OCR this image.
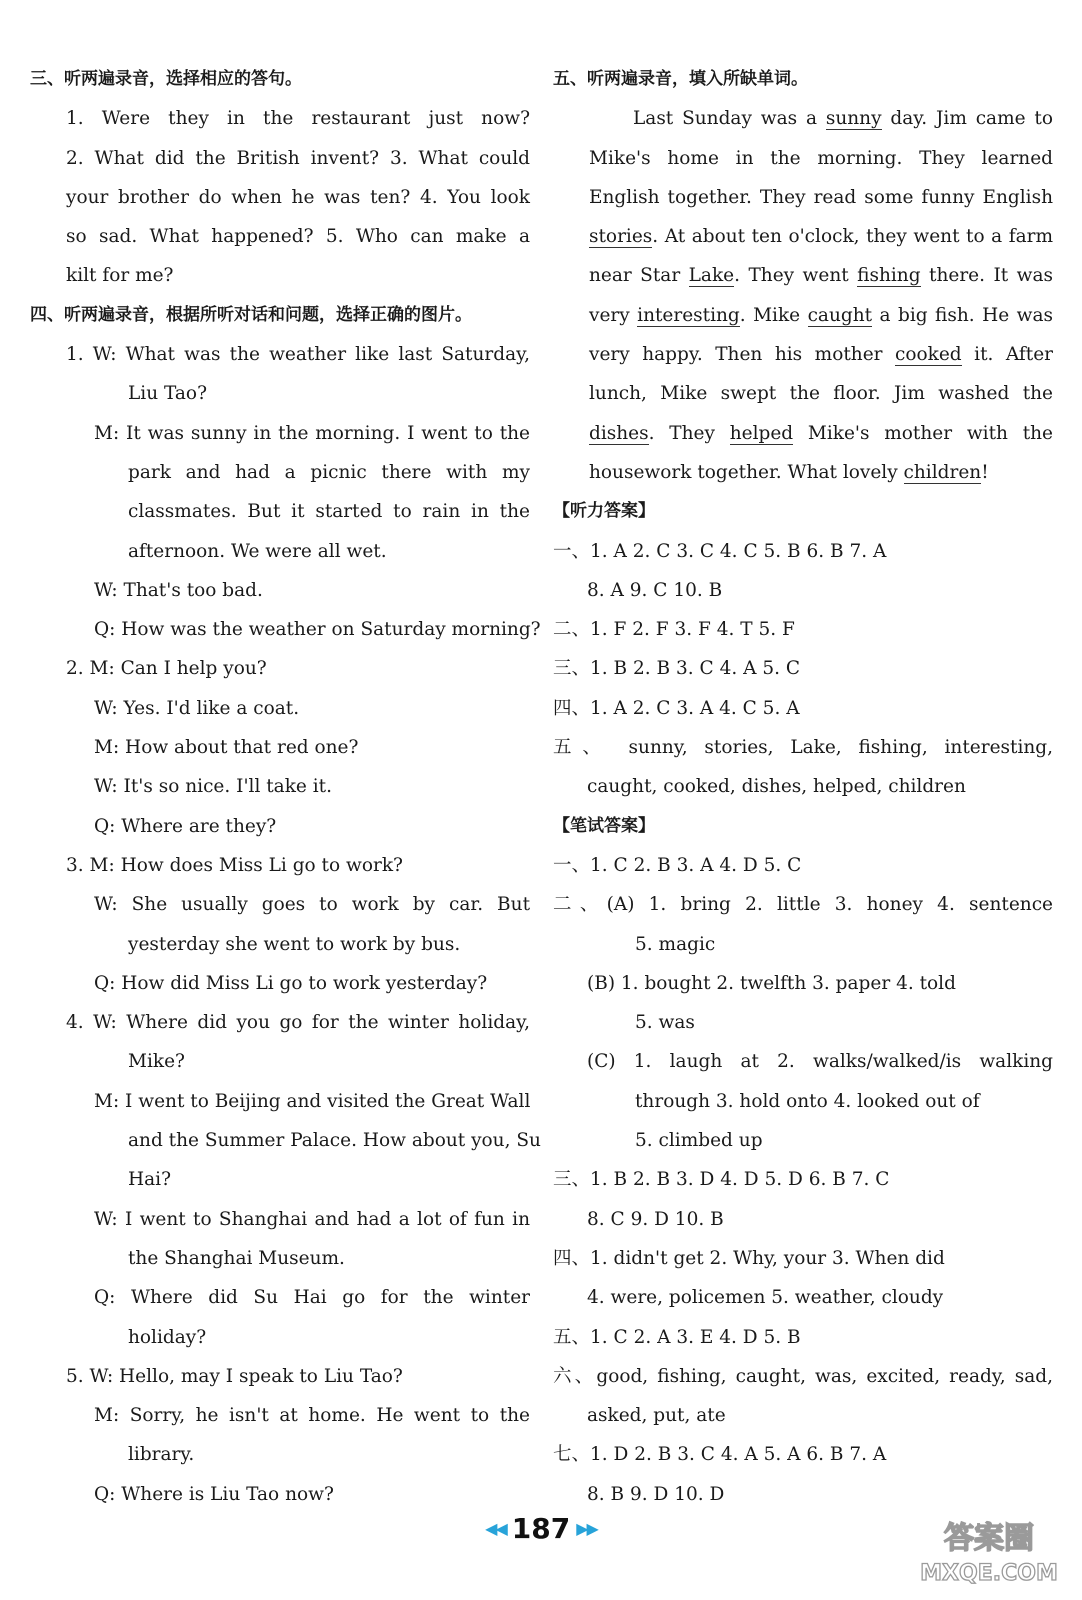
三、听两遍录音，选择相应的答句。
1. Were they in the restaurant just now?
2. What did the British invent? 3. What could
your brother do when he was ten? 4. You look
so sad. What happened? 5. Who can make a
kilt for me?
四、听两遍录音，根据所听对话和问题，选择正确的图片。
1. W: What was the weather like last Saturday,
Liu Tao?
M: It was sunny in the morning. I went to the
park and had a picnic there with my
classmates. But it started to rain in the
afternoon. We were all wet.
W: That's too bad.
Q: How was the weather on Saturday morning?
2. M: Can I help you?
W: Yes. I'd like a coat.
M: How about that red one?
W: It's so nice. I'll take it.
Q: Where are they?
3. M: How does Miss Li go to work?
W: She usually goes to work by car. But
yesterday she went to work by bus.
Q: How did Miss Li go to work yesterday?
4. W: Where did you go for the winter holiday,
Mike?
M: I went to Beijing and visited the Great Wall
and the Summer Palace. How about you, Su
Hai?
W: I went to Shanghai and had a lot of fun in
the Shanghai Museum.
Q: Where did Su Hai go for the winter
holiday?
5. W: Hello, may I speak to Liu Tao?
M: Sorry, he isn't at home. He went to the
library.
Q: Where is Liu Tao now?
五、听两遍录音，填入所缺单词。
Last Sunday was a sunny day. Jim came to
Mike's home in the morning. They learned
English together. They read some funny English
stories. At about ten o'clock, they went to a farm
near Star Lake. They went fishing there. It was
very interesting. Mike caught a big fish. He was
very happy. Then his mother cooked it. After
lunch, Mike swept the floor. Jim washed the
dishes. They helped Mike's mother with the
housework together. What lovely children!
【听力答案】
一、1. A 2. C 3. C 4. C 5. B 6. B 7. A
8. A 9. C 10. B
二、1. F 2. F 3. F 4. T 5. F
三、1. B 2. B 3. C 4. A 5. C
四、1. A 2. C 3. A 4. C 5. A
五、 sunny, stories, Lake, fishing, interesting,
caught, cooked, dishes, helped, children
【笔试答案】
一、1. C 2. B 3. A 4. D 5. C
二、(A) 1. bring 2. little 3. honey 4. sentence
5. magic
(B) 1. bought 2. twelfth 3. paper 4. told
5. was
(C) 1. laugh at 2. walks/walked/is walking
through 3. hold onto 4. looked out of
5. climbed up
三、1. B 2. B 3. D 4. D 5. D 6. B 7. C
8. C 9. D 10. B
四、1. didn't get 2. Why, your 3. When did
4. were, policemen 5. weather, cloudy
五、1. C 2. A 3. E 4. D 5. B
六、good, fishing, caught, was, excited, ready, sad,
asked, put, ate
七、1. D 2. B 3. C 4. A 5. A 6. B 7. A
8. B 9. D 10. D
◀◀ 187 ▶▶	答案圈
MXQE.COM
